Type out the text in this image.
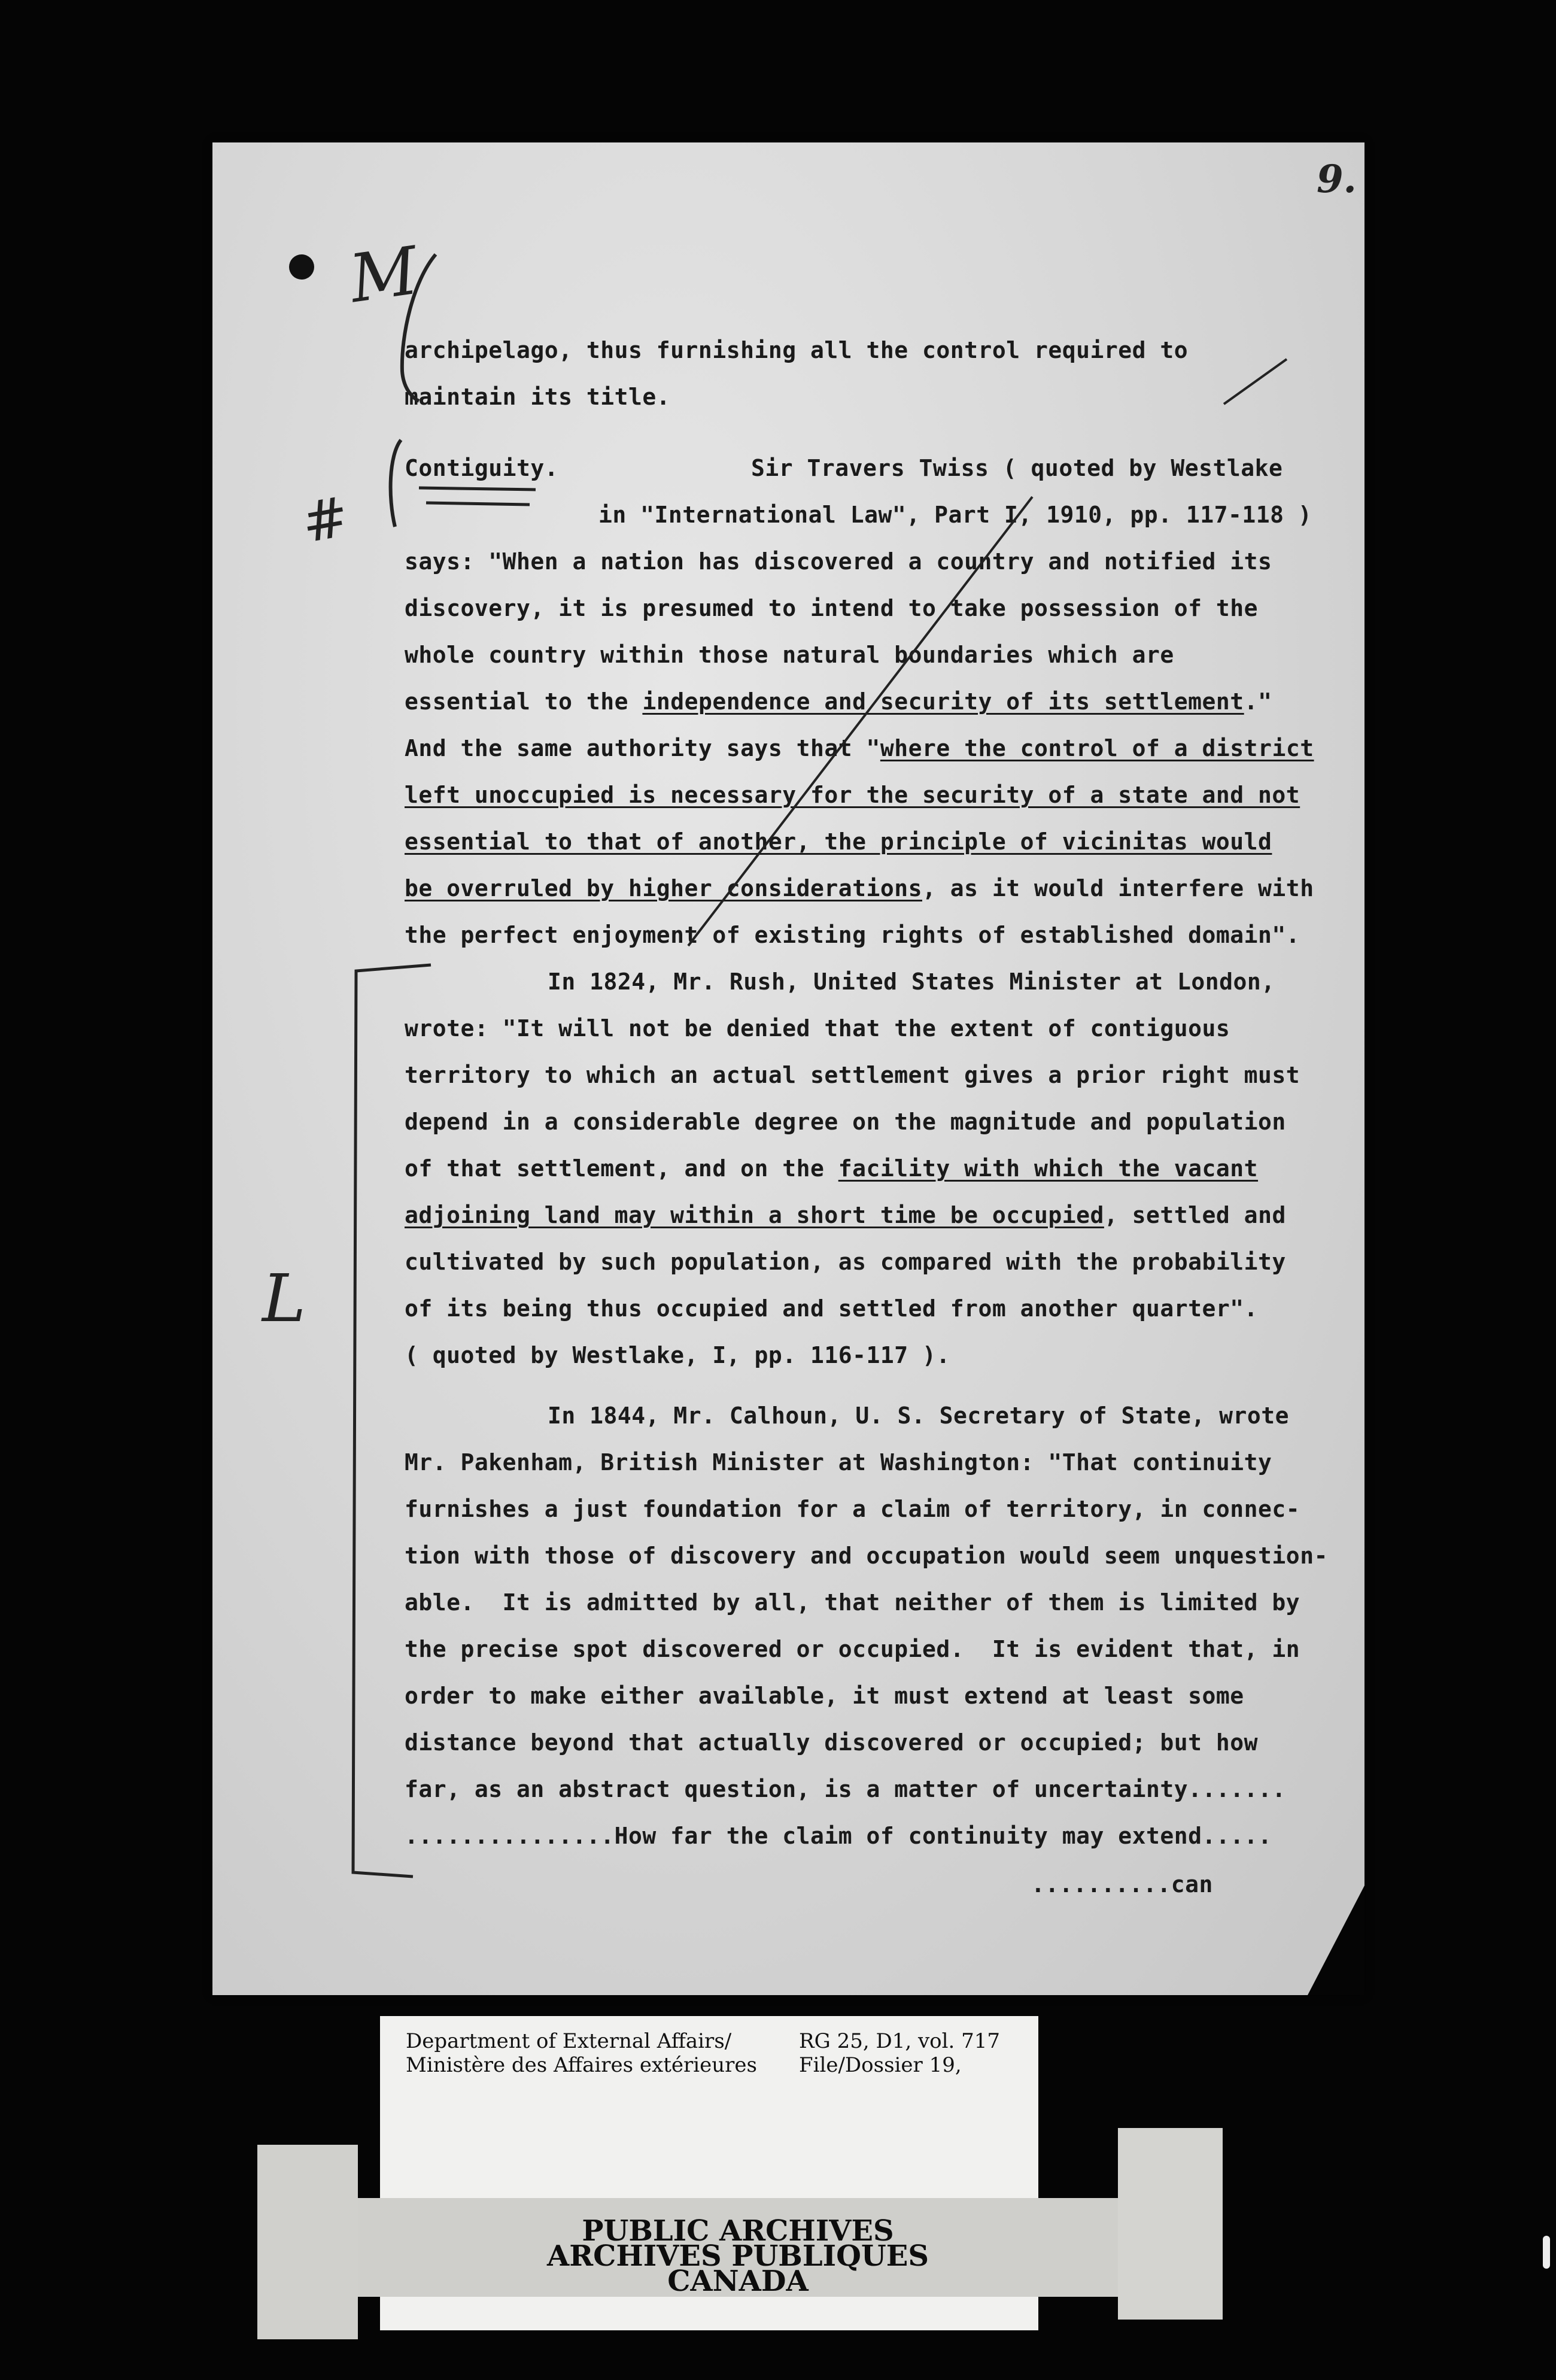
9.
M
#
L

archipelago, thus furnishing all the control required to

maintain its title.

Contiguity.	Sir Travers Twiss ( quoted by Westlake

in "International Law", Part I, 1910, pp. 117-118 )

says: "When a nation has discovered a country and notified its

discovery, it is presumed to intend to take possession of the

whole country within those natural boundaries which are

essential to the independence and security of its settlement."

And the same authority says that "where the control of a district

left unoccupied is necessary for the security of a state and not

essential to that of another, the principle of vicinitas would

be overruled by higher considerations, as it would interfere with

the perfect enjoyment of existing rights of established domain".

In 1824, Mr. Rush, United States Minister at London,

wrote: "It will not be denied that the extent of contiguous

territory to which an actual settlement gives a prior right must

depend in a considerable degree on the magnitude and population

of that settlement, and on the facility with which the vacant

adjoining land may within a short time be occupied, settled and

cultivated by such population, as compared with the probability

of its being thus occupied and settled from another quarter".

( quoted by Westlake, I, pp. 116-117 ).

In 1844, Mr. Calhoun, U. S. Secretary of State, wrote

Mr. Pakenham, British Minister at Washington: "That continuity

furnishes a just foundation for a claim of territory, in connec-

tion with those of discovery and occupation would seem unquestion-

able.  It is admitted by all, that neither of them is limited by

the precise spot discovered or occupied.  It is evident that, in

order to make either available, it must extend at least some

distance beyond that actually discovered or occupied; but how

far, as an abstract question, is a matter of uncertainty.......

...............How far the claim of continuity may extend.....

..........can

Department of External Affairs/

Ministère des Affaires extérieures

RG 25, D1, vol. 717

File/Dossier 19,

PUBLIC ARCHIVES

ARCHIVES PUBLIQUES

CANADA
